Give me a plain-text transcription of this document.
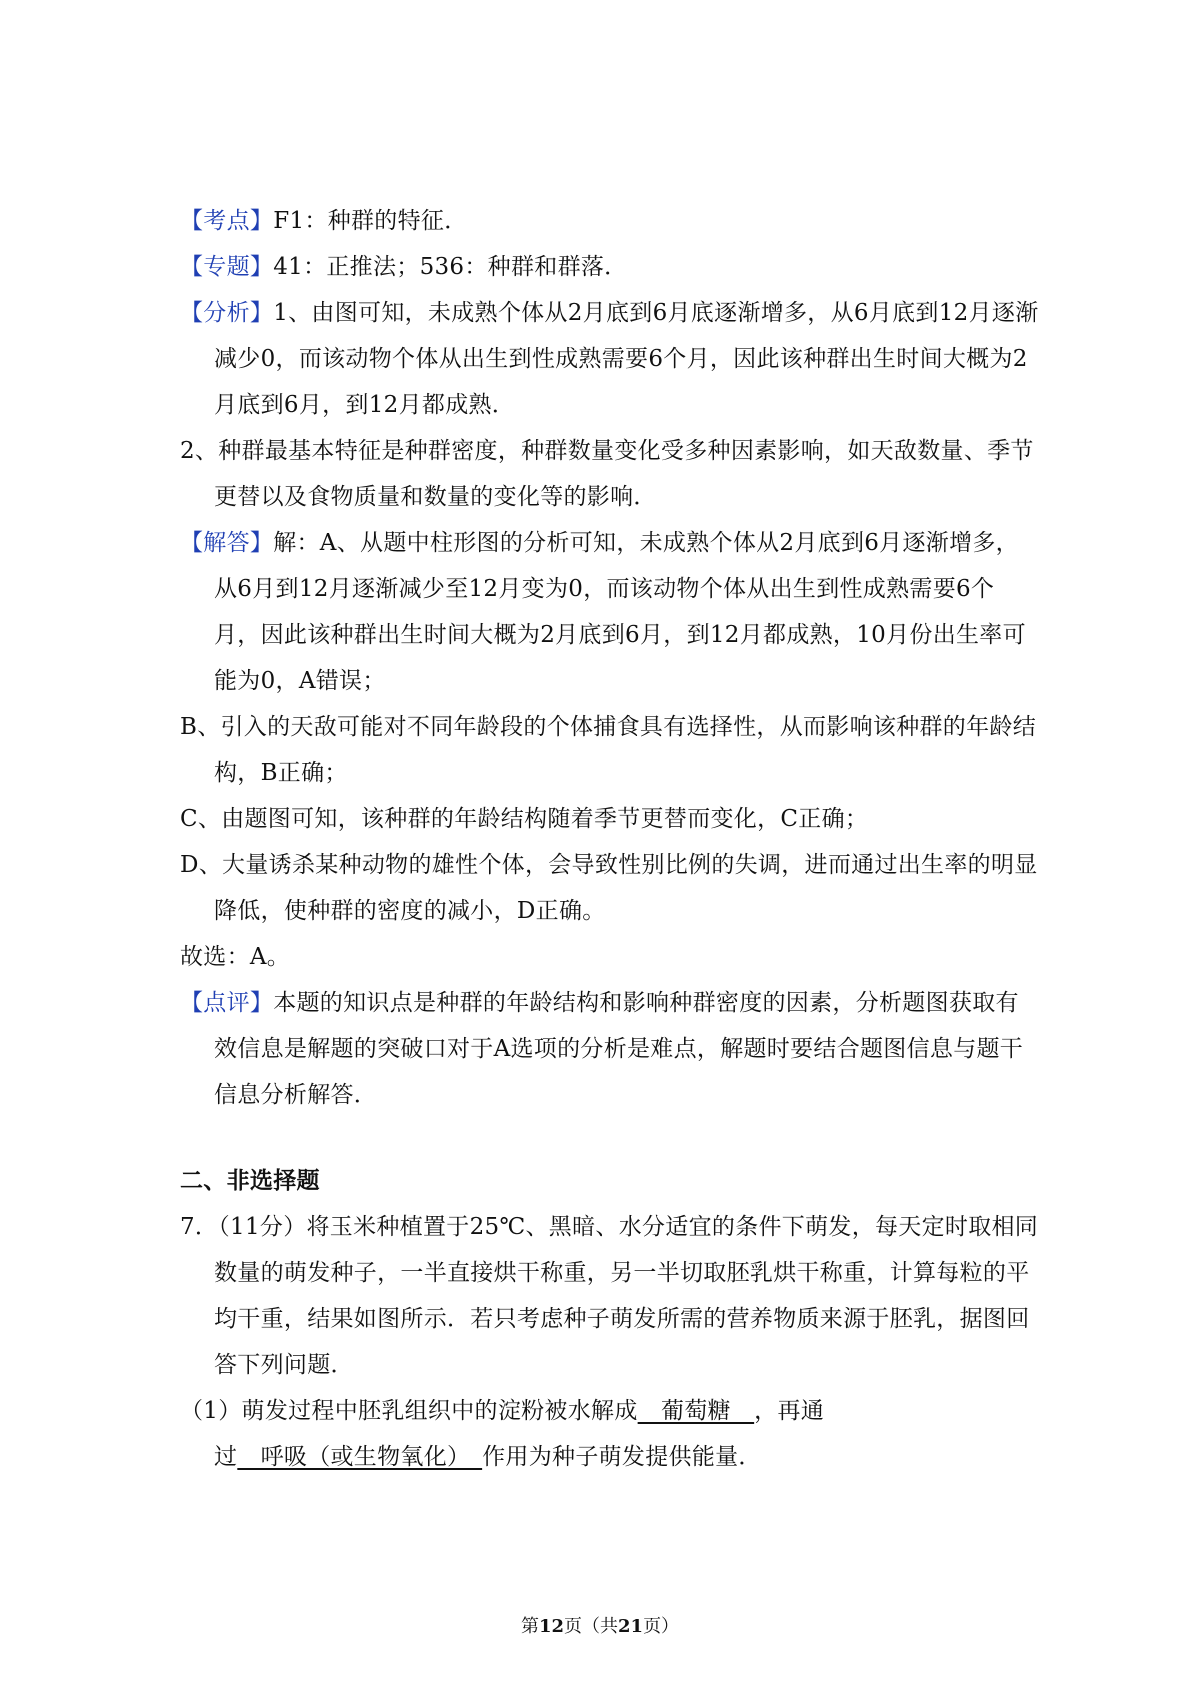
【考点】F1：种群的特征．

【专题】41：正推法；536：种群和群落．

【分析】1、由图可知，未成熟个体从2月底到6月底逐渐增多，从6月底到12月逐渐减少0，而该动物个体从出生到性成熟需要6个月，因此该种群出生时间大概为2月底到6月，到12月都成熟．

2、种群最基本特征是种群密度，种群数量变化受多种因素影响，如天敌数量、季节更替以及食物质量和数量的变化等的影响．

【解答】解：A、从题中柱形图的分析可知，未成熟个体从2月底到6月逐渐增多，从6月到12月逐渐减少至12月变为0，而该动物个体从出生到性成熟需要6个月，因此该种群出生时间大概为2月底到6月，到12月都成熟，10月份出生率可能为0，A错误；

B、引入的天敌可能对不同年龄段的个体捕食具有选择性，从而影响该种群的年龄结构，B正确；

C、由题图可知，该种群的年龄结构随着季节更替而变化，C正确；

D、大量诱杀某种动物的雄性个体，会导致性别比例的失调，进而通过出生率的明显降低，使种群的密度的减小，D正确。

故选：A。

【点评】本题的知识点是种群的年龄结构和影响种群密度的因素，分析题图获取有效信息是解题的突破口对于A选项的分析是难点，解题时要结合题图信息与题干信息分析解答．

二、非选择题

7．（11分）将玉米种植置于25℃、黑暗、水分适宜的条件下萌发，每天定时取相同数量的萌发种子，一半直接烘干称重，另一半切取胚乳烘干称重，计算每粒的平均干重，结果如图所示．若只考虑种子萌发所需的营养物质来源于胚乳，据图回答下列问题．

（1）萌发过程中胚乳组织中的淀粉被水解成　葡萄糖　，再通过　呼吸（或生物氧化）　作用为种子萌发提供能量．

第12页（共21页）
